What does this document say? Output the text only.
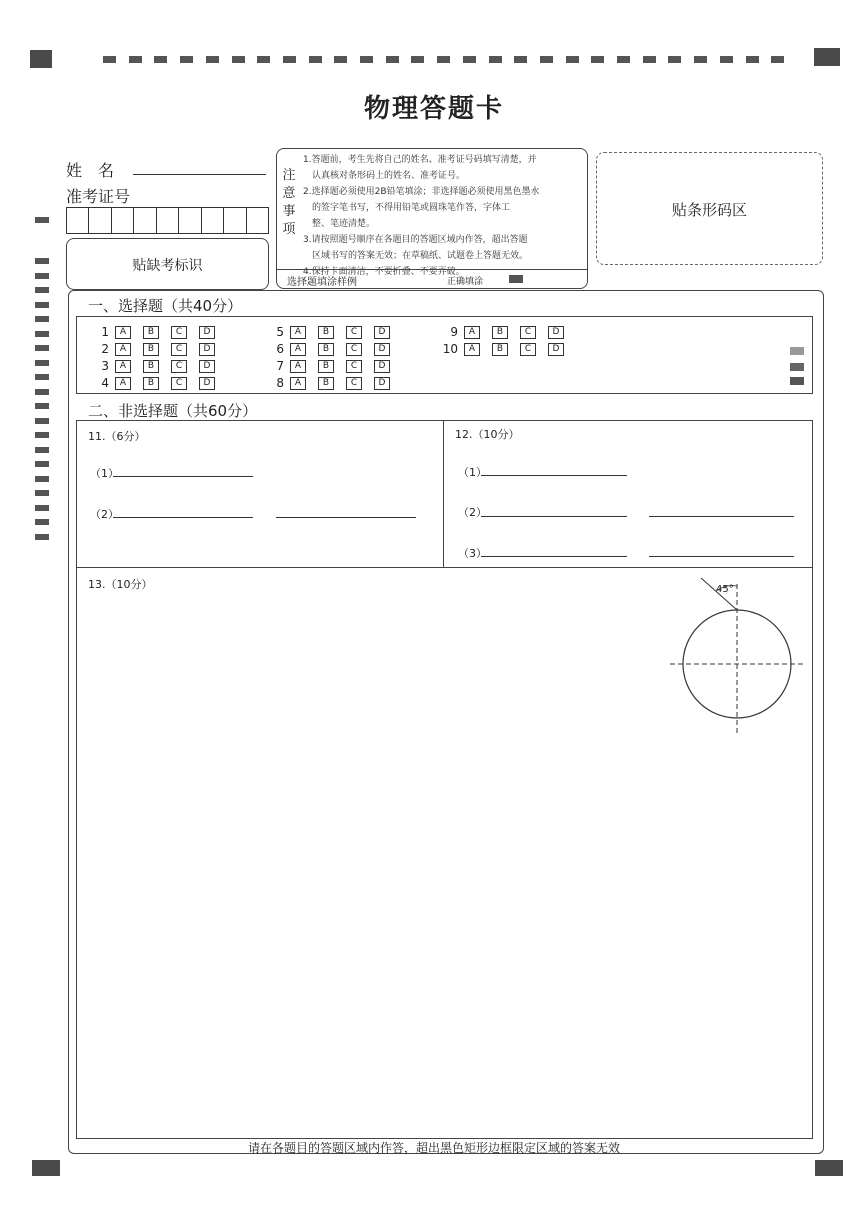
物理答题卡
姓　名
准考证号
贴缺考标识
注
意
事
项
1.答题前，考生先将自己的姓名、准考证号码填写清楚，并
　认真核对条形码上的姓名、准考证号。
2.选择题必须使用2B铅笔填涂；非选择题必须使用黑色墨水
　的签字笔书写，不得用铅笔或圆珠笔作答，字体工
　整、笔迹清楚。
3.请按照题号顺序在各题目的答题区域内作答，超出答题
　区域书写的答案无效；在草稿纸、试题卷上答题无效。
4.保持卡面清洁，不要折叠、不要弄破。
选择题填涂样例	正确填涂
贴条形码区
一、选择题（共40分）
1 A B C D
2 A B C D
3 A B C D
4 A B C D
5 A B C D
6 A B C D
7 A B C D
8 A B C D
9 A B C D
10 A B C D
二、非选择题（共60分）
11.（6分）
（1）
（2）
12.（10分）
（1）
（2）
（3）
13.（10分）	45°
请在各题目的答题区域内作答，超出黑色矩形边框限定区域的答案无效
